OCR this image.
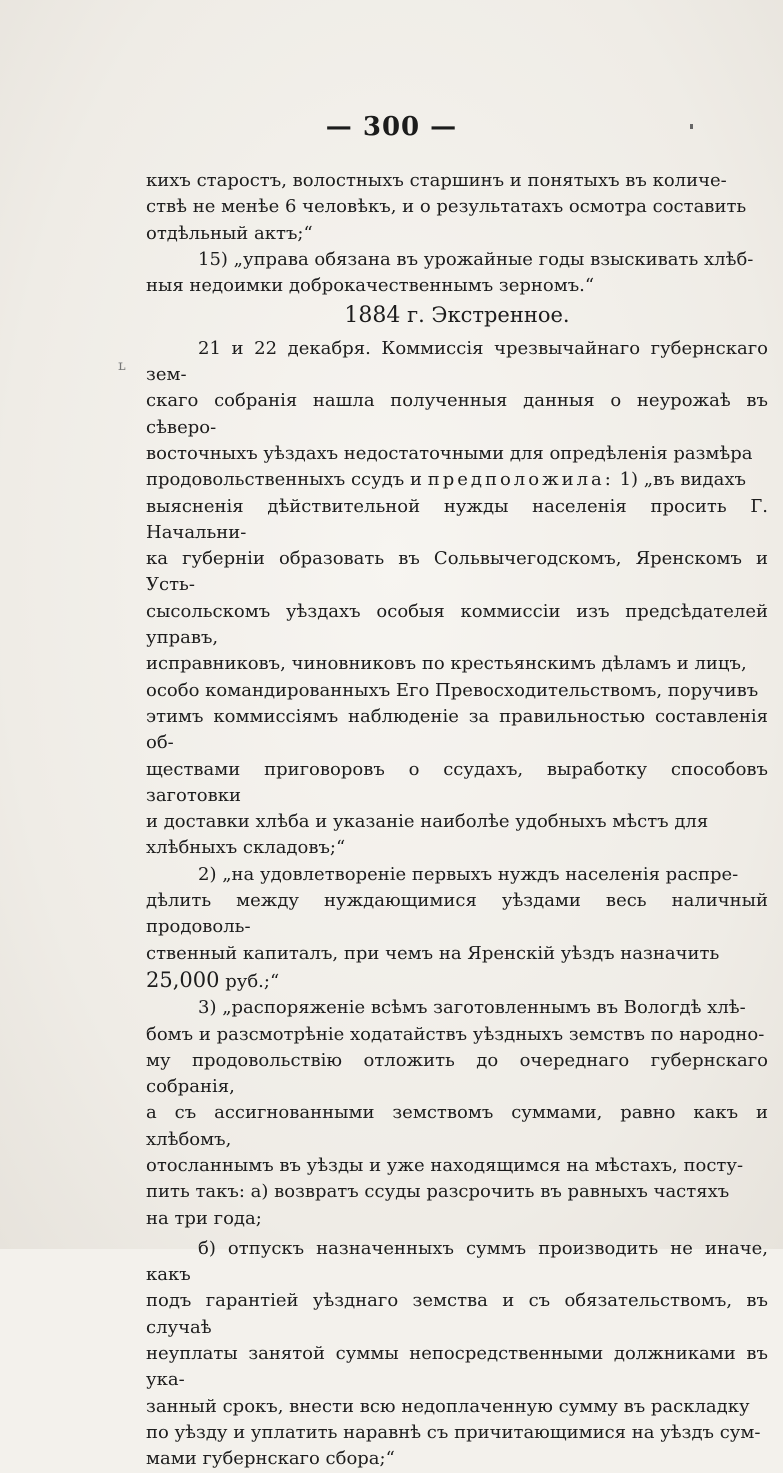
— 300 —
ʟ

кихъ старостъ, волостныхъ старшинъ и понятыхъ въ количе-

ствѣ не менѣе 6 человѣкъ, и о результатахъ осмотра составить

отдѣльный актъ;“

15) „управа обязана въ урожайные годы взыскивать хлѣб-

ныя недоимки доброкачественнымъ зерномъ.“

1884 г. Экстренное.

21 и 22 декабря. Коммиссія чрезвычайнаго губернскаго зем-

скаго собранія нашла полученныя данныя о неурожаѣ въ сѣверо-

восточныхъ уѣздахъ недостаточными для опредѣленія размѣра

продовольственныхъ ссудъ и предположила: 1) „въ видахъ

выясненія дѣйствительной нужды населенія просить Г. Начальни-

ка губерніи образовать въ Сольвычегодскомъ, Яренскомъ и Усть-

сысольскомъ уѣздахъ особыя коммиссіи изъ предсѣдателей управъ,

исправниковъ, чиновниковъ по крестьянскимъ дѣламъ и лицъ,

особо командированныхъ Его Превосходительствомъ, поручивъ

этимъ коммиссіямъ наблюденіе за правильностью составленія об-

ществами приговоровъ о ссудахъ, выработку способовъ заготовки

и доставки хлѣба и указаніе наиболѣе удобныхъ мѣстъ для

хлѣбныхъ складовъ;“

2) „на удовлетвореніе первыхъ нуждъ населенія распре-

дѣлить между нуждающимися уѣздами весь наличный продоволь-

ственный капиталъ, при чемъ на Яренскій уѣздъ назначить

25,000 руб.;“

3) „распоряженіе всѣмъ заготовленнымъ въ Вологдѣ хлѣ-

бомъ и разсмотрѣніе ходатайствъ уѣздныхъ земствъ по народно-

му продовольствію отложить до очереднаго губернскаго собранія,

а съ ассигнованными земствомъ суммами, равно какъ и хлѣбомъ,

отосланнымъ въ уѣзды и уже находящимся на мѣстахъ, посту-

пить такъ: а) возвратъ ссуды разсрочить въ равныхъ частяхъ

на три года;

б) отпускъ назначенныхъ суммъ производить не иначе, какъ

подъ гарантіей уѣзднаго земства и съ обязательствомъ, въ случаѣ

неуплаты занятой суммы непосредственными должниками въ ука-

занный срокъ, внести всю недоплаченную сумму въ раскладку

по уѣзду и уплатить наравнѣ съ причитающимися на уѣздъ сум-

мами губернскаго сбора;“
